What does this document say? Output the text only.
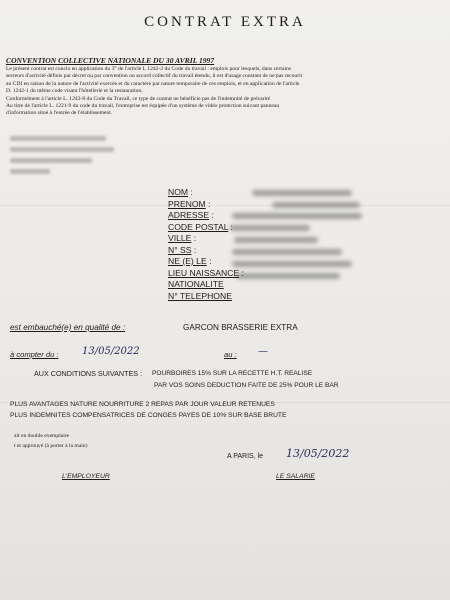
CONTRAT EXTRA
CONVENTION COLLECTIVE NATIONALE DU 30 AVRIL 1997

Le présent contrat est conclu en application du 3° de l'article L 1242-2 du Code du travail : emplois pour lesquels, dans certains

secteurs d'activité définis par décret ou par convention ou accord collectif du travail étendu, il est d'usage constant de ne pas recourir

au CDI en raison de la nature de l'activité exercée et du caractère par nature temporaire de ces emplois, et en application de l'article

D. 1242-1 du même code visant l'hôtellerie et la restauration.

Conformément à l'article L. 1243-8 du Code du Travail, ce type de contrat ne bénéficie pas de l'indemnité de précarité

Au titre de l'article L. 1221-9 du code du travail, l'entreprise est équipée d'un système de vidéo protection suivant panneau

d'information situé à l'entrée de l'établissement.

NOM :
PRENOM :
ADRESSE :
CODE POSTAL :
VILLE :
N° SS :
NE (E) LE :
LIEU NAISSANCE :
NATIONALITE
N° TELEPHONE
est embauché(e) en qualité de :	GARCON BRASSERIE EXTRA
à compter du : 13/05/2022	au : —
AUX CONDITIONS SUIVANTES : POURBOIRES 15% SUR LA RECETTE H.T. REALISE
PAR VOS SOINS DEDUCTION FAITE DE 25% POUR LE BAR
PLUS AVANTAGES NATURE NOURRITURE 2 REPAS PAR JOUR VALEUR RETENUES
PLUS INDEMNITES COMPENSATRICES DE CONGES PAYES DE 10% SUR BASE BRUTE
ait en double exemplaire
t et approuvé (à porter à la main)
A PARIS, le 13/05/2022
L'EMPLOYEUR	LE SALARIE
